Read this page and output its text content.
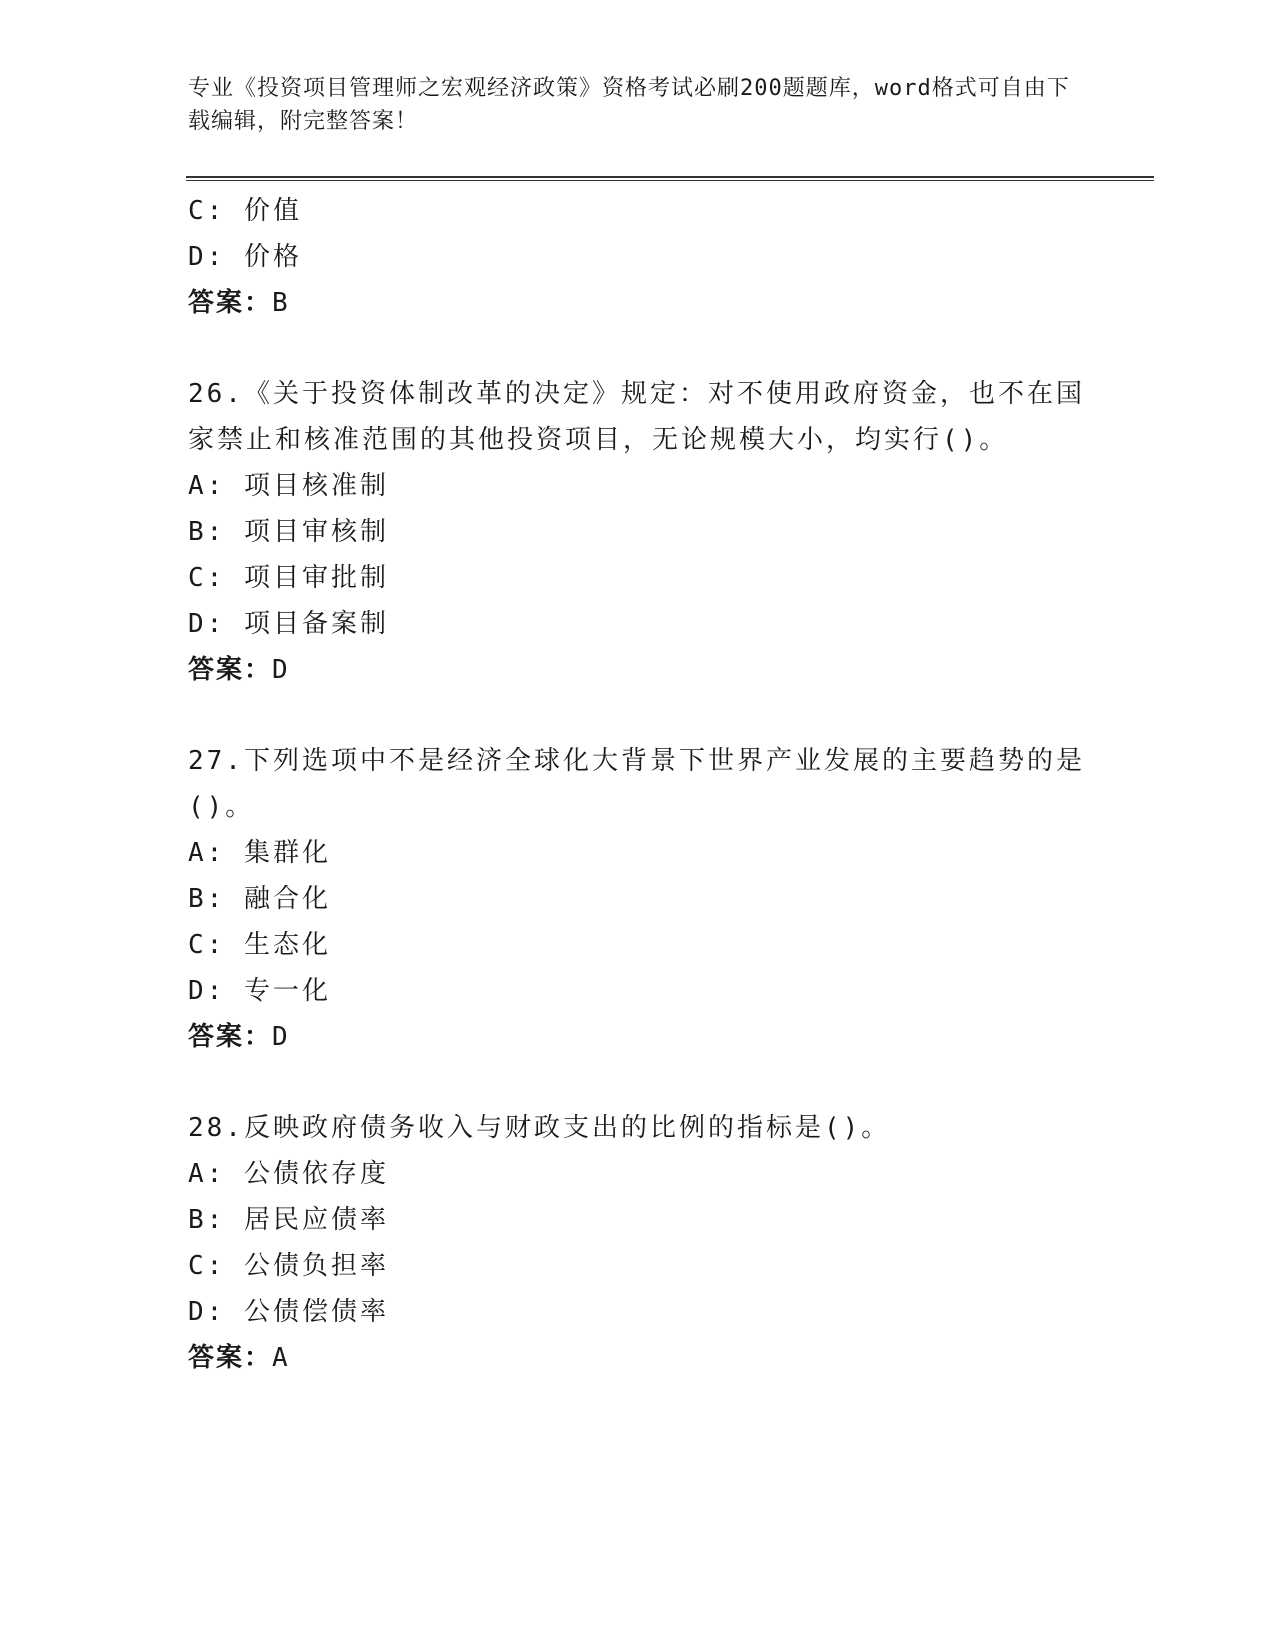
专业《投资项目管理师之宏观经济政策》资格考试必刷200题题库，word格式可自由下载编辑，附完整答案！
C: 价值
D: 价格
答案：B
26.《关于投资体制改革的决定》规定：对不使用政府资金，也不在国家禁止和核准范围的其他投资项目，无论规模大小，均实行()。
A: 项目核准制
B: 项目审核制
C: 项目审批制
D: 项目备案制
答案：D
27.下列选项中不是经济全球化大背景下世界产业发展的主要趋势的是()。
A: 集群化
B: 融合化
C: 生态化
D: 专一化
答案：D
28.反映政府债务收入与财政支出的比例的指标是()。
A: 公债依存度
B: 居民应债率
C: 公债负担率
D: 公债偿债率
答案：A
